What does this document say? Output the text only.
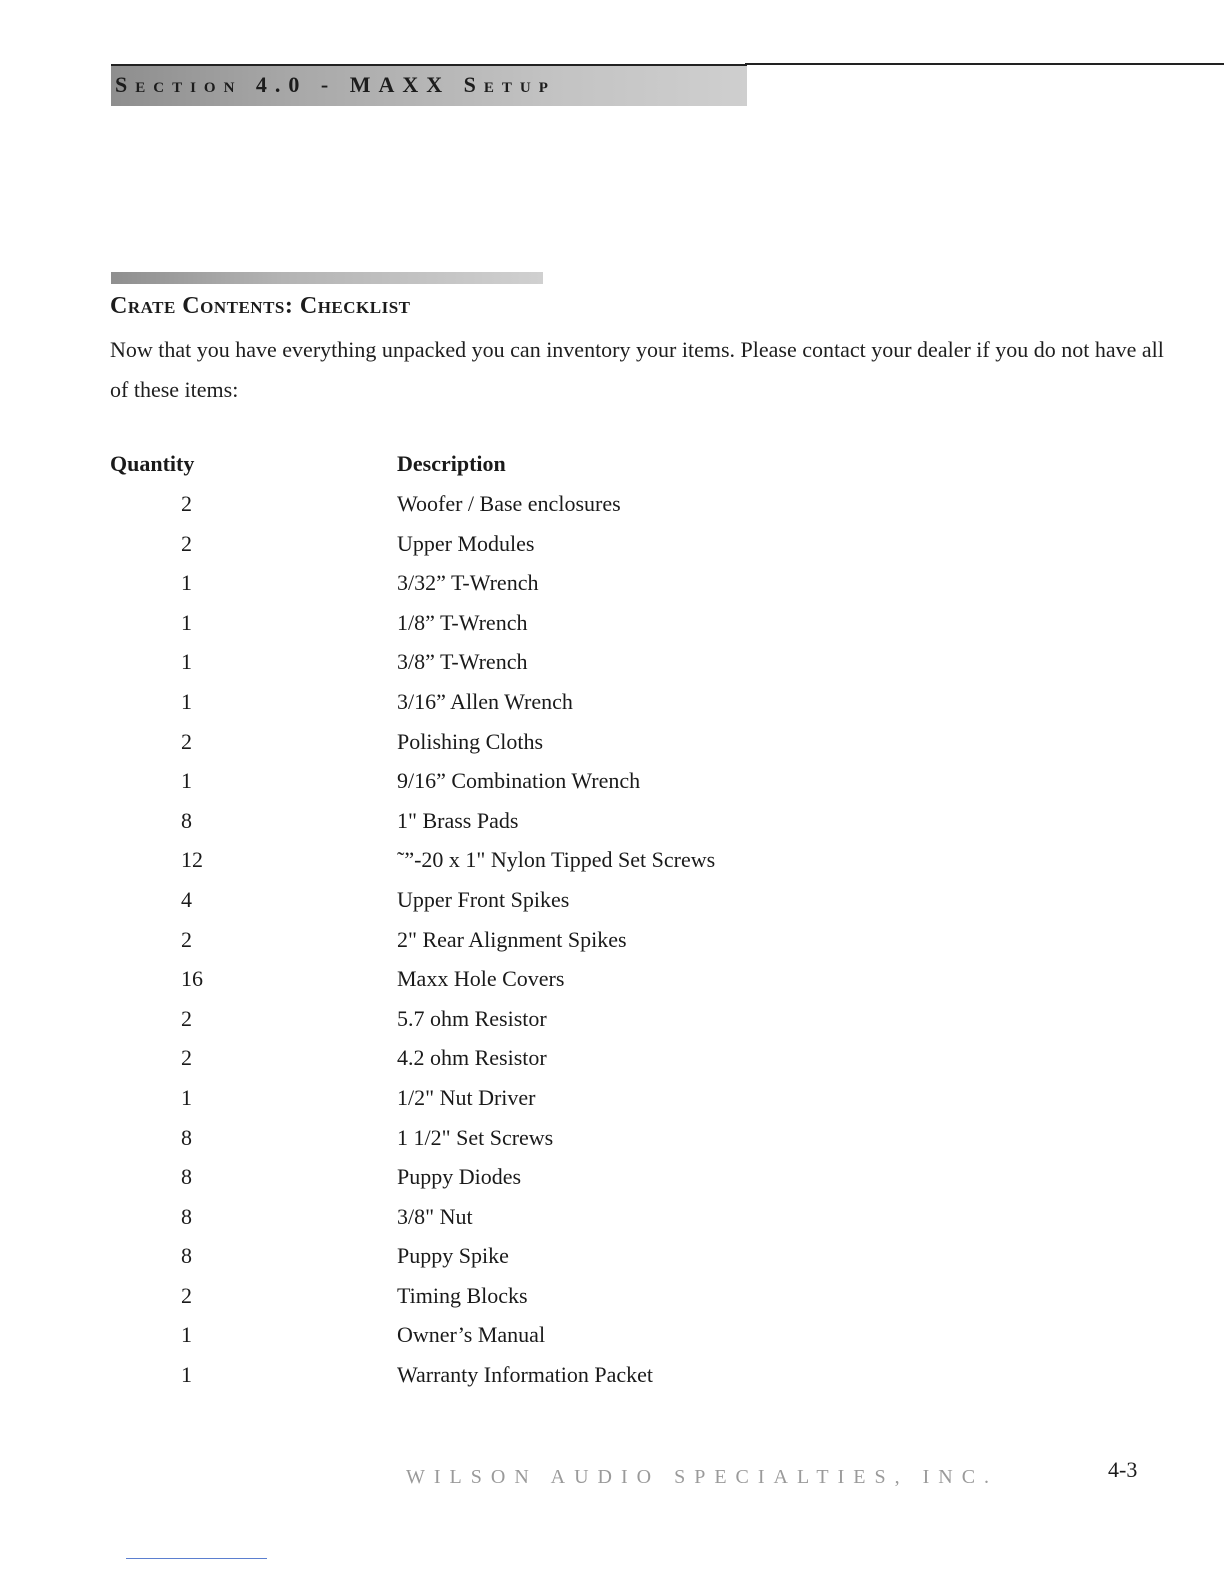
Section 4.0 - MAXX Setup
Crate Contents: Checklist
Now that you have everything unpacked you can inventory your items. Please contact your dealer if you do not have all of these items:
Quantity	Description
2	Woofer / Base enclosures
2	Upper Modules
1	3/32” T-Wrench
1	1/8” T-Wrench
1	3/8” T-Wrench
1	3/16” Allen Wrench
2	Polishing Cloths
1	9/16” Combination Wrench
8	1" Brass Pads
12	˜”-20 x 1" Nylon Tipped Set Screws
4	Upper Front Spikes
2	2" Rear Alignment Spikes
16	Maxx Hole Covers
2	5.7 ohm Resistor
2	4.2 ohm Resistor
1	1/2" Nut Driver
8	1 1/2" Set Screws
8	Puppy Diodes
8	3/8" Nut
8	Puppy Spike
2	Timing Blocks
1	Owner’s Manual
1	Warranty Information Packet
WILSON AUDIO SPECIALTIES, INC.	4-3
